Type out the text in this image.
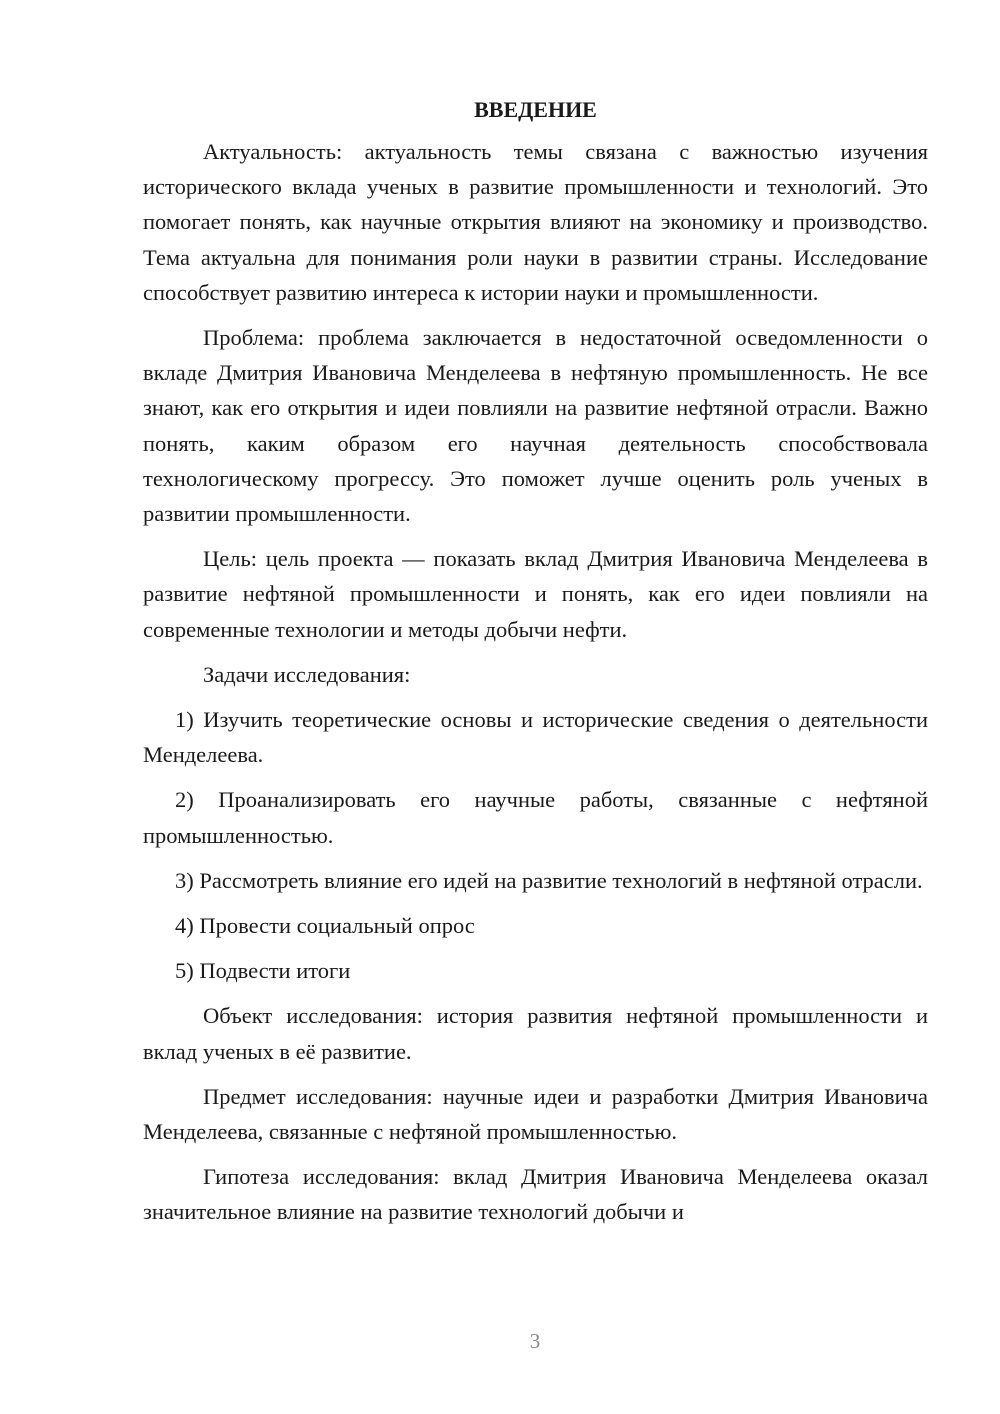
ВВЕДЕНИЕ

Актуальность: актуальность темы связана с важностью изучения исторического вклада ученых в развитие промышленности и технологий. Это помогает понять, как научные открытия влияют на экономику и производство. Тема актуальна для понимания роли науки в развитии страны. Исследование способствует развитию интереса к истории науки и промышленности.

Проблема: проблема заключается в недостаточной осведомленности о вкладе Дмитрия Ивановича Менделеева в нефтяную промышленность. Не все знают, как его открытия и идеи повлияли на развитие нефтяной отрасли. Важно понять, каким образом его научная деятельность способствовала технологическому прогрессу. Это поможет лучше оценить роль ученых в развитии промышленности.

Цель: цель проекта — показать вклад Дмитрия Ивановича Менделеева в развитие нефтяной промышленности и понять, как его идеи повлияли на современные технологии и методы добычи нефти.

Задачи исследования:

1) Изучить теоретические основы и исторические сведения о деятельности Менделеева.

2) Проанализировать его научные работы, связанные с нефтяной промышленностью.

3) Рассмотреть влияние его идей на развитие технологий в нефтяной отрасли.

4) Провести социальный опрос

5) Подвести итоги

Объект исследования: история развития нефтяной промышленности и вклад ученых в её развитие.

Предмет исследования: научные идеи и разработки Дмитрия Ивановича Менделеева, связанные с нефтяной промышленностью.

Гипотеза исследования: вклад Дмитрия Ивановича Менделеева оказал значительное влияние на развитие технологий добычи и

3
